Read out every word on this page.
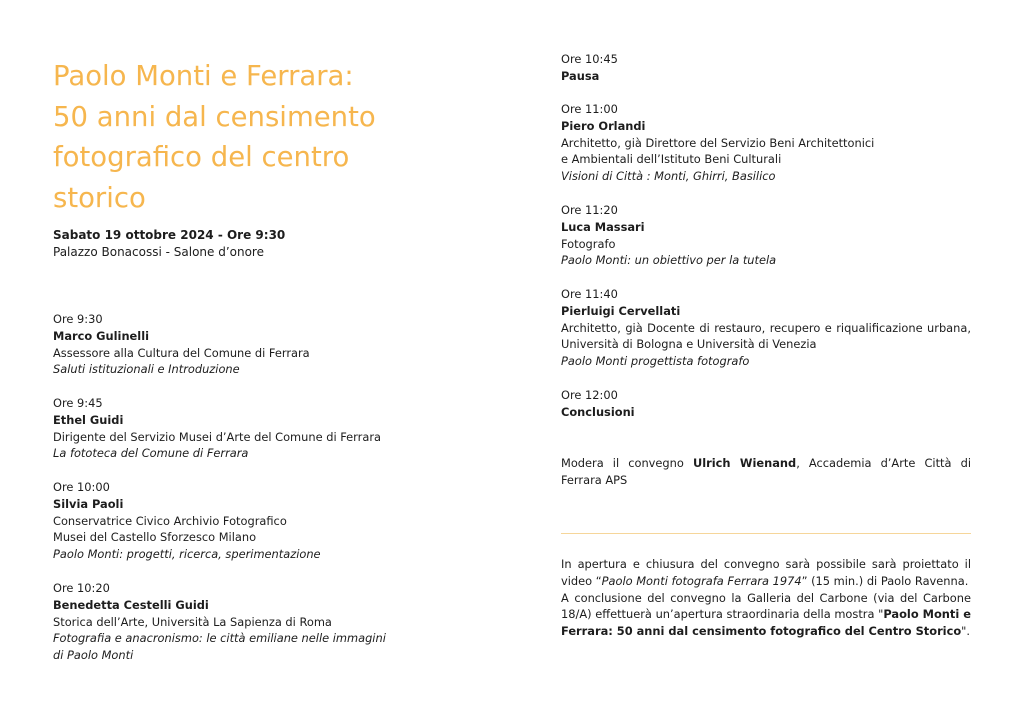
Paolo Monti e Ferrara:
50 anni dal censimento
fotografico del centro
storico
Sabato 19 ottobre 2024 - Ore 9:30
Palazzo Bonacossi - Salone d’onore
Ore 9:30
Marco Gulinelli
Assessore alla Cultura del Comune di Ferrara
Saluti istituzionali e Introduzione
Ore 9:45
Ethel Guidi
Dirigente del Servizio Musei d’Arte del Comune di Ferrara
La fototeca del Comune di Ferrara
Ore 10:00
Silvia Paoli
Conservatrice Civico Archivio Fotografico
Musei del Castello Sforzesco Milano
Paolo Monti: progetti, ricerca, sperimentazione
Ore 10:20
Benedetta Cestelli Guidi
Storica dell’Arte, Università La Sapienza di Roma
Fotografia e anacronismo: le città emiliane nelle immagini
di Paolo Monti
Ore 10:45
Pausa
Ore 11:00
Piero Orlandi
Architetto, già Direttore del Servizio Beni Architettonici
e Ambientali dell’Istituto Beni Culturali
Visioni di Città : Monti, Ghirri, Basilico
Ore 11:20
Luca Massari
Fotografo
Paolo Monti: un obiettivo per la tutela
Ore 11:40
Pierluigi Cervellati
Architetto, già Docente di restauro, recupero e riqualificazione urbana, Università di Bologna e Università di Venezia
Paolo Monti progettista fotografo
Ore 12:00
Conclusioni
Modera il convegno Ulrich Wienand, Accademia d’Arte Città di Ferrara APS
In apertura e chiusura del convegno sarà possibile sarà proiettato il video “Paolo Monti fotografa Ferrara 1974” (15 min.) di Paolo Ravenna.
A conclusione del convegno la Galleria del Carbone (via del Carbone 18/A) effettuerà un’apertura straordinaria della mostra "Paolo Monti e Ferrara: 50 anni dal censimento fotografico del Centro Storico".
